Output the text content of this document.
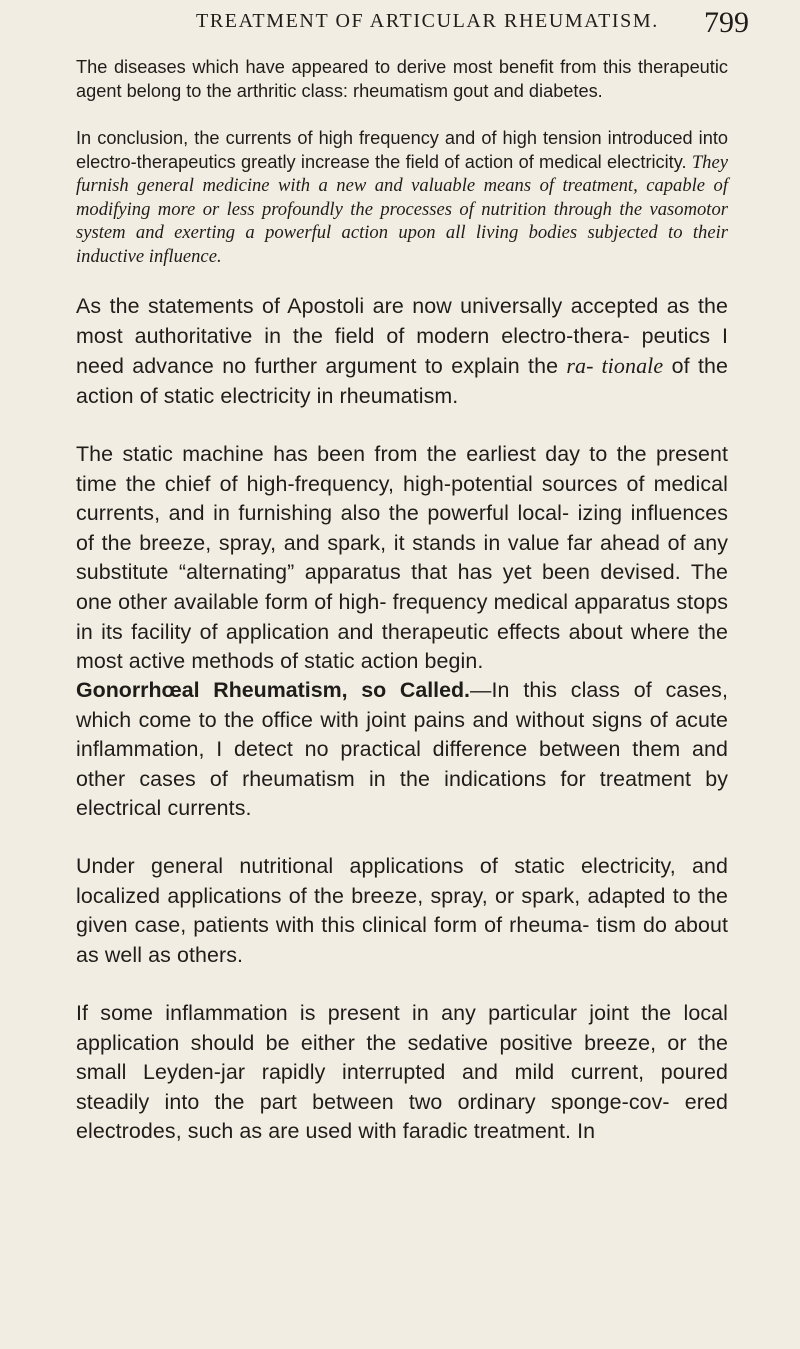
TREATMENT OF ARTICULAR RHEUMATISM. 799

The diseases which have appeared to derive most benefit from this therapeutic agent belong to the arthritic class: rheumatism gout and diabetes.

In conclusion, the currents of high frequency and of high tension introduced into electro-therapeutics greatly increase the field of action of medical electricity. They furnish general medicine with a new and valuable means of treatment, capable of modifying more or less profoundly the processes of nutrition through the vasomotor system and exerting a powerful action upon all living bodies subjected to their inductive influence.

As the statements of Apostoli are now universally accepted as the most authoritative in the field of modern electro-thera- peutics I need advance no further argument to explain the ra- tionale of the action of static electricity in rheumatism.

The static machine has been from the earliest day to the present time the chief of high-frequency, high-potential sources of medical currents, and in furnishing also the powerful local- izing influences of the breeze, spray, and spark, it stands in value far ahead of any substitute “alternating” apparatus that has yet been devised. The one other available form of high- frequency medical apparatus stops in its facility of application and therapeutic effects about where the most active methods of static action begin.

Gonorrhœal Rheumatism, so Called.—In this class of cases, which come to the office with joint pains and without signs of acute inflammation, I detect no practical difference between them and other cases of rheumatism in the indications for treatment by electrical currents.

Under general nutritional applications of static electricity, and localized applications of the breeze, spray, or spark, adapted to the given case, patients with this clinical form of rheuma- tism do about as well as others.

If some inflammation is present in any particular joint the local application should be either the sedative positive breeze, or the small Leyden-jar rapidly interrupted and mild current, poured steadily into the part between two ordinary sponge-cov- ered electrodes, such as are used with faradic treatment. In
